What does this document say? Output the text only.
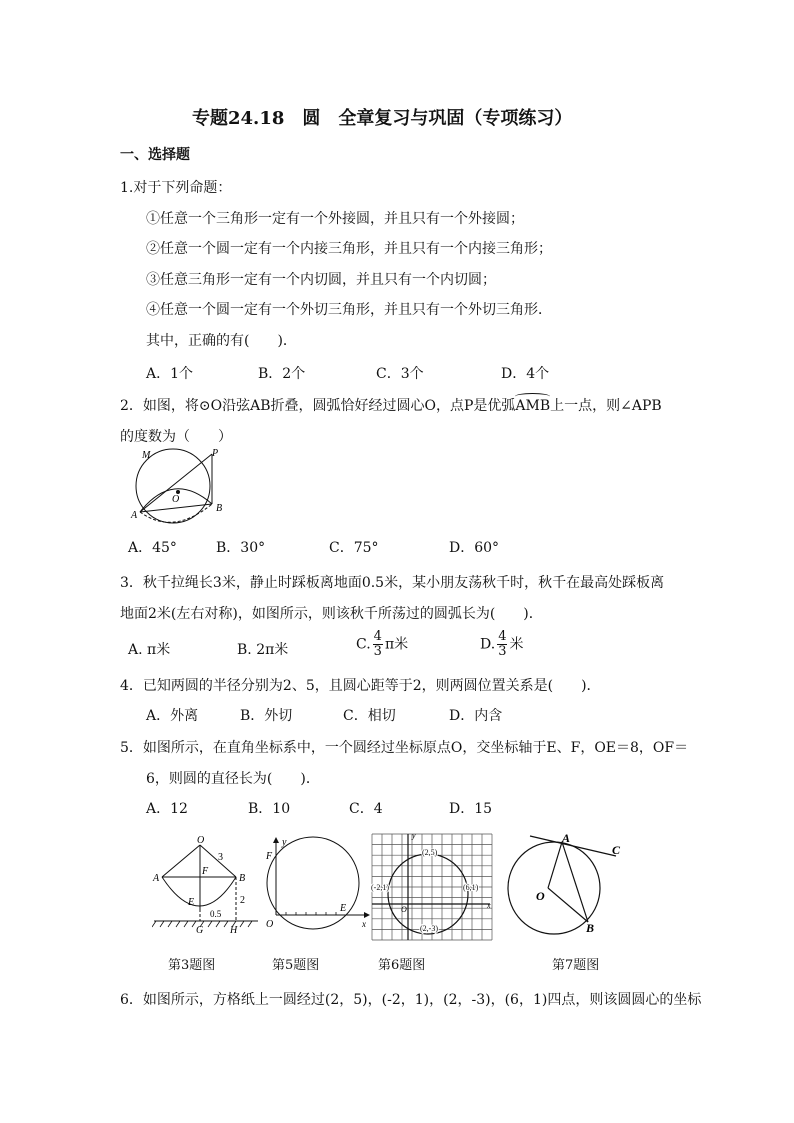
专题24.18　圆　全章复习与巩固（专项练习）
一、选择题
1.对于下列命题：
①任意一个三角形一定有一个外接圆，并且只有一个外接圆；
②任意一个圆一定有一个内接三角形，并且只有一个内接三角形；
③任意三角形一定有一个内切圆，并且只有一个内切圆；
④任意一个圆一定有一个外切三角形，并且只有一个外切三角形．
其中，正确的有(　　)．
A．1个	B．2个	C．3个	D．4个
2．如图，将⊙O沿弦AB折叠，圆弧恰好经过圆心O，点P是优弧AMB上一点，则∠APB
的度数为（　　）
M	P
O
A
B
A．45°	B．30°	C．75°	D．60°
3．秋千拉绳长3米，静止时踩板离地面0.5米，某小朋友荡秋千时，秋千在最高处踩板离
地面2米(左右对称)，如图所示，则该秋千所荡过的圆弧长为(　　)．
A. π米	B. 2π米	C. $\frac{4}{3}$ π米	D. $\frac{4}{3}$ 米
4．已知两圆的半径分别为2、5，且圆心距等于2，则两圆位置关系是(　　)．
A．外离	B．外切	C．相切	D．内含
5．如图所示，在直角坐标系中，一个圆经过坐标原点O，交坐标轴于E、F，OE＝8，OF＝
6，则圆的直径长为(　　)．
A．12	B．10	C．4	D．15
O
3
F
A	B
E
0.5
2
G	H
y
F
O
E
x
y
(2,5)
(-2,1)	(6,1)
O	x
(2,-3)
A
C
O
B
第3题图	第5题图	第6题图	第7题图
6．如图所示，方格纸上一圆经过(2，5)，(-2，1)，(2，-3)，(6，1)四点，则该圆圆心的坐标
